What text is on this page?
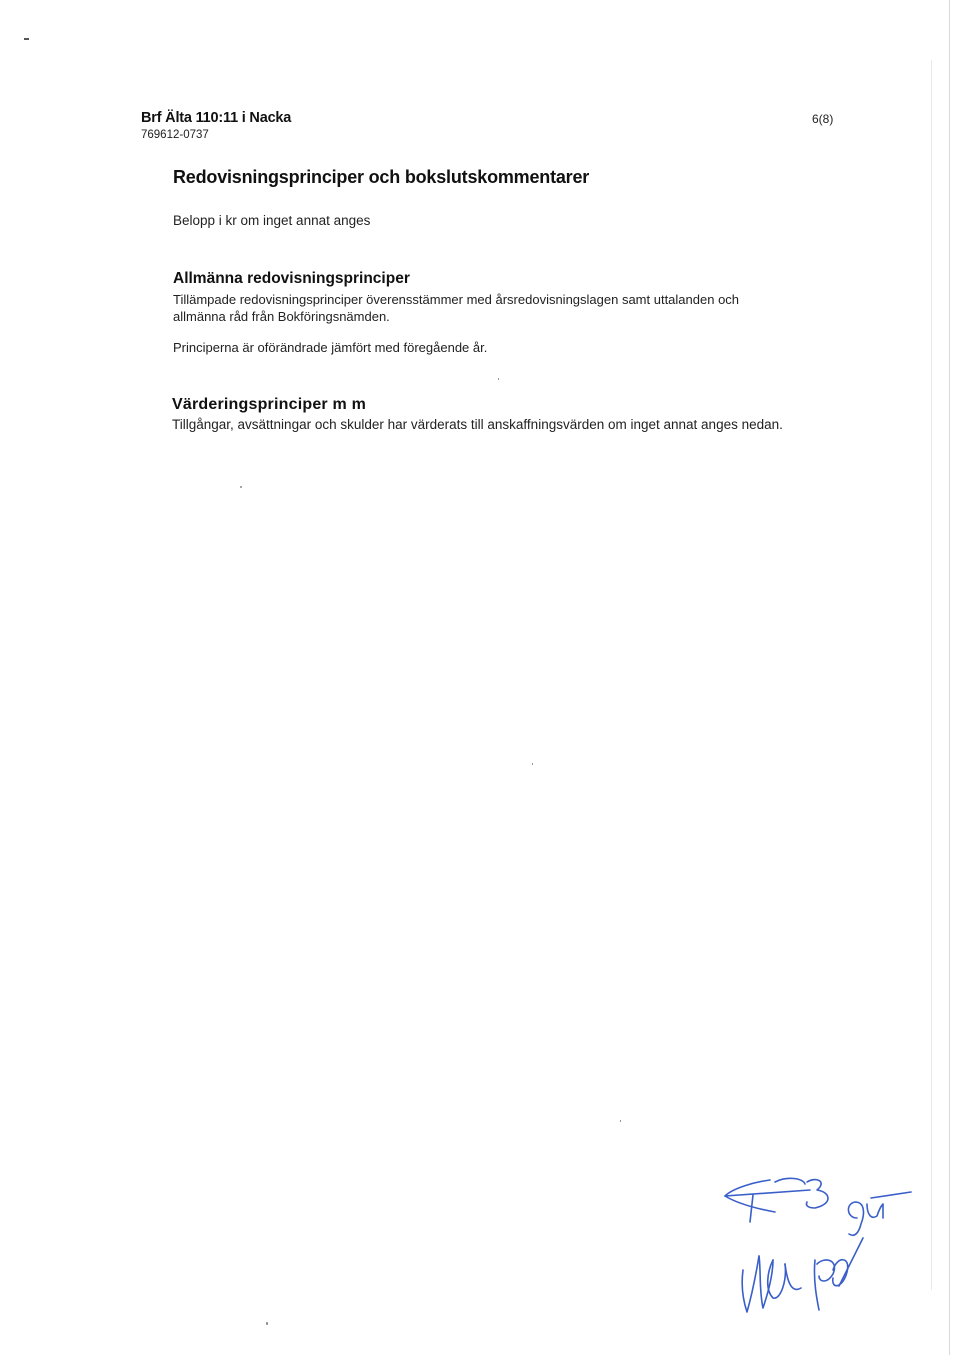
Brf Älta 110:11 i Nacka
769612-0737
6(8)
Redovisningsprinciper och bokslutskommentarer
Belopp i kr om inget annat anges
Allmänna redovisningsprinciper
Tillämpade redovisningsprinciper överensstämmer med årsredovisningslagen samt uttalanden och
allmänna råd från Bokföringsnämden.
Principerna är oförändrade jämfört med föregående år.
Värderingsprinciper m m
Tillgångar, avsättningar och skulder har värderats till anskaffningsvärden om inget annat anges nedan.
